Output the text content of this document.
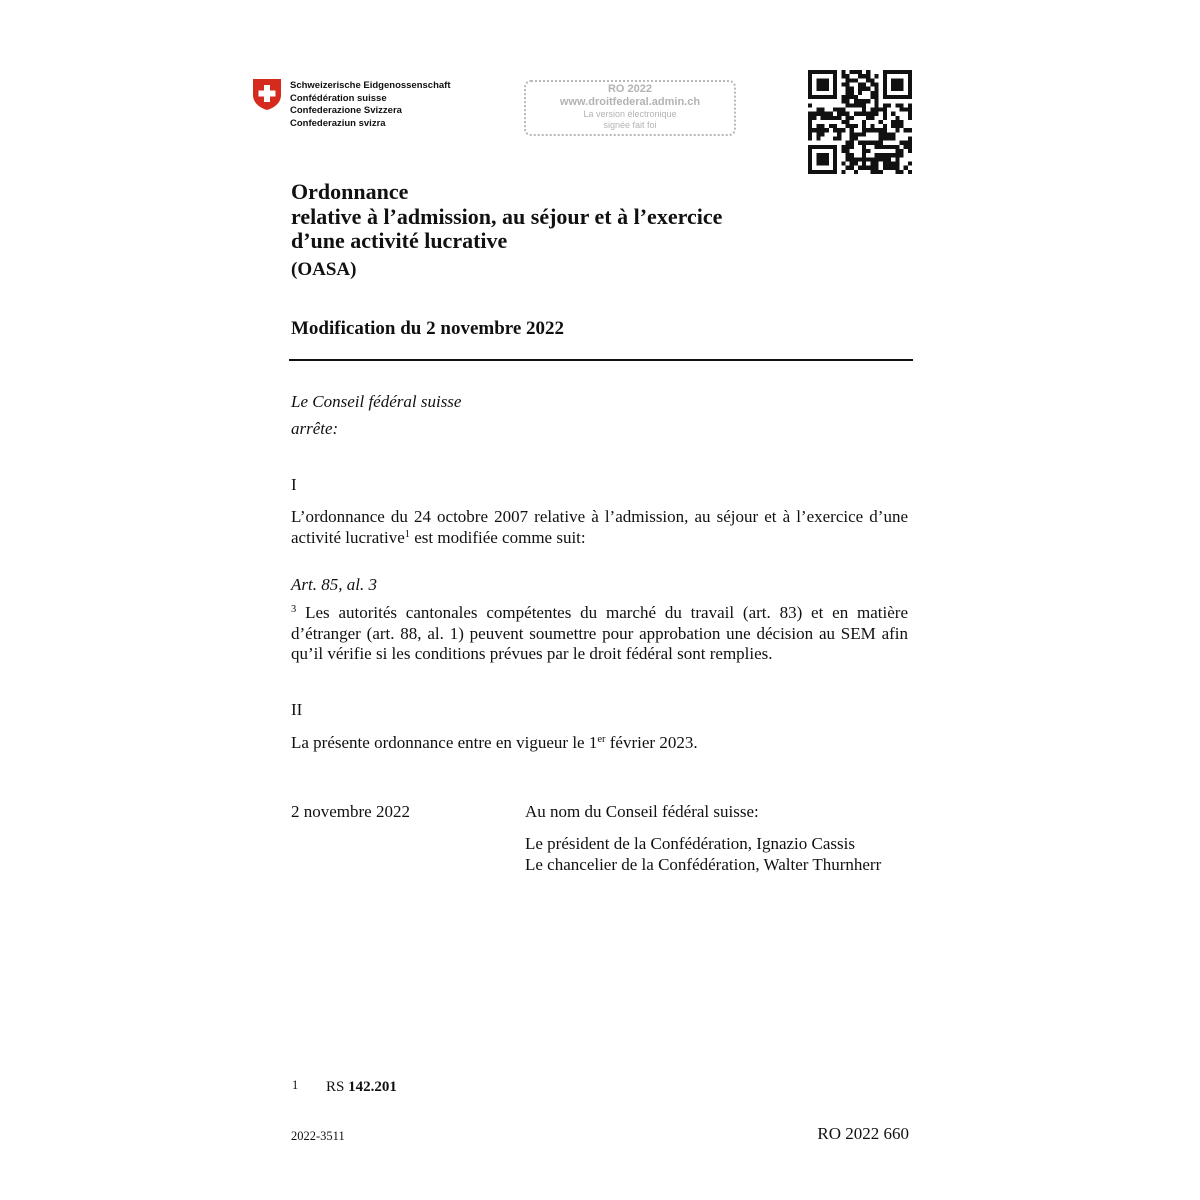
Schweizerische Eidgenossenschaft
Confédération suisse
Confederazione Svizzera
Confederaziun svizra
RO 2022
www.droitfederal.admin.ch
La version électronique
signée fait foi
Ordonnance
relative à l’admission, au séjour et à l’exercice
d’une activité lucrative
(OASA)
Modification du 2 novembre 2022
Le Conseil fédéral suisse
arrête:
I
L’ordonnance du 24 octobre 2007 relative à l’admission, au séjour et à l’exercice d’une activité lucrative$^1$ est modifiée comme suit:
Art. 85, al. 3
$^3$ Les autorités cantonales compétentes du marché du travail (art. 83) et en matière d’étranger (art. 88, al. 1) peuvent soumettre pour approbation une décision au SEM afin qu’il vérifie si les conditions prévues par le droit fédéral sont remplies.
II
La présente ordonnance entre en vigueur le 1er février 2023.
2 novembre 2022	Au nom du Conseil fédéral suisse:
Le président de la Confédération, Ignazio Cassis
Le chancelier de la Confédération, Walter Thurnherr
1 RS 142.201
2022-3511	RO 2022 660
